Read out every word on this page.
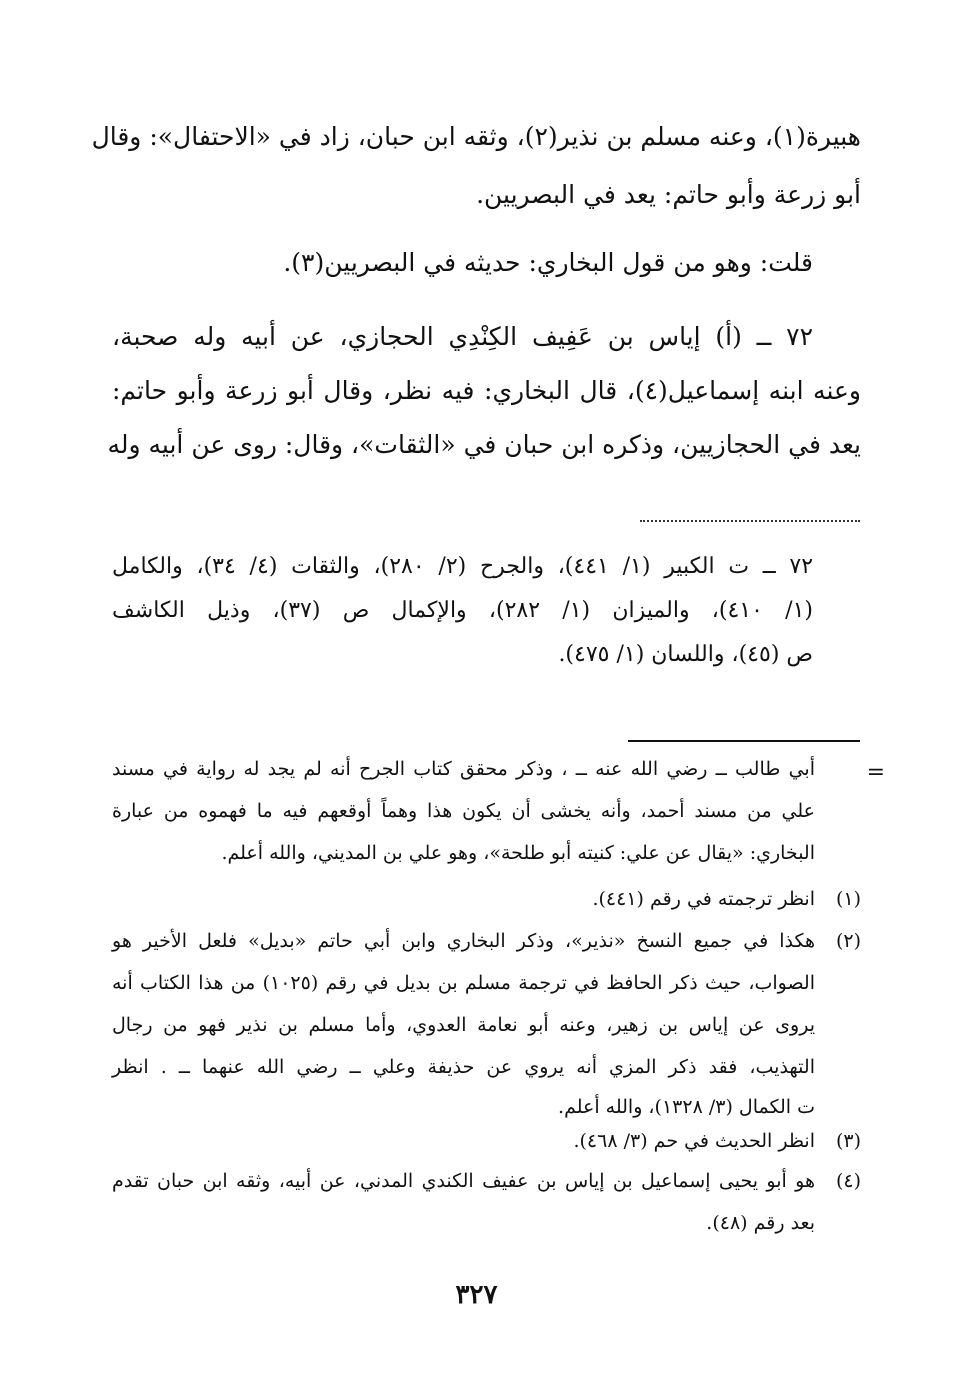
هبيرة(١)، وعنه مسلم بن نذير(٢)، وثقه ابن حبان، زاد في «الاحتفال»: وقال
أبو زرعة وأبو حاتم: يعد في البصريين.
قلت: وهو من قول البخاري: حديثه في البصريين(٣).
٧٢ ــ (أ) إياس بن عَفِيف الكِنْدِي الحجازي، عن أبيه وله صحبة،
وعنه ابنه إسماعيل(٤)، قال البخاري: فيه نظر، وقال أبو زرعة وأبو حاتم:
يعد في الحجازيين، وذكره ابن حبان في «الثقات»، وقال: روى عن أبيه وله
٧٢ ــ ت الكبير (١/ ٤٤١)، والجرح (٢/ ٢٨٠)، والثقات (٤/ ٣٤)، والكامل
(١/ ٤١٠)، والميزان (١/ ٢٨٢)، والإكمال ص (٣٧)، وذيل الكاشف
ص (٤٥)، واللسان (١/ ٤٧٥).
=
أبي طالب ــ رضي الله عنه ــ ، وذكر محقق كتاب الجرح أنه لم يجد له رواية في مسند
علي من مسند أحمد، وأنه يخشى أن يكون هذا وهماً أوقعهم فيه ما فهموه من عبارة
البخاري: «يقال عن علي: كنيته أبو طلحة»، وهو علي بن المديني، والله أعلم.
(١)
انظر ترجمته في رقم (٤٤١).
(٢)
هكذا في جميع النسخ «نذير»، وذكر البخاري وابن أبي حاتم «بديل» فلعل الأخير هو
الصواب، حيث ذكر الحافظ في ترجمة مسلم بن بديل في رقم (١٠٢٥) من هذا الكتاب أنه
يروى عن إياس بن زهير، وعنه أبو نعامة العدوي، وأما مسلم بن نذير فهو من رجال
التهذيب، فقد ذكر المزي أنه يروي عن حذيفة وعلي ــ رضي الله عنهما ــ . انظر
ت الكمال (٣/ ١٣٢٨)، والله أعلم.
(٣)
انظر الحديث في حم (٣/ ٤٦٨).
(٤)
هو أبو يحيى إسماعيل بن إياس بن عفيف الكندي المدني، عن أبيه، وثقه ابن حبان تقدم
بعد رقم (٤٨).
٣٢٧
